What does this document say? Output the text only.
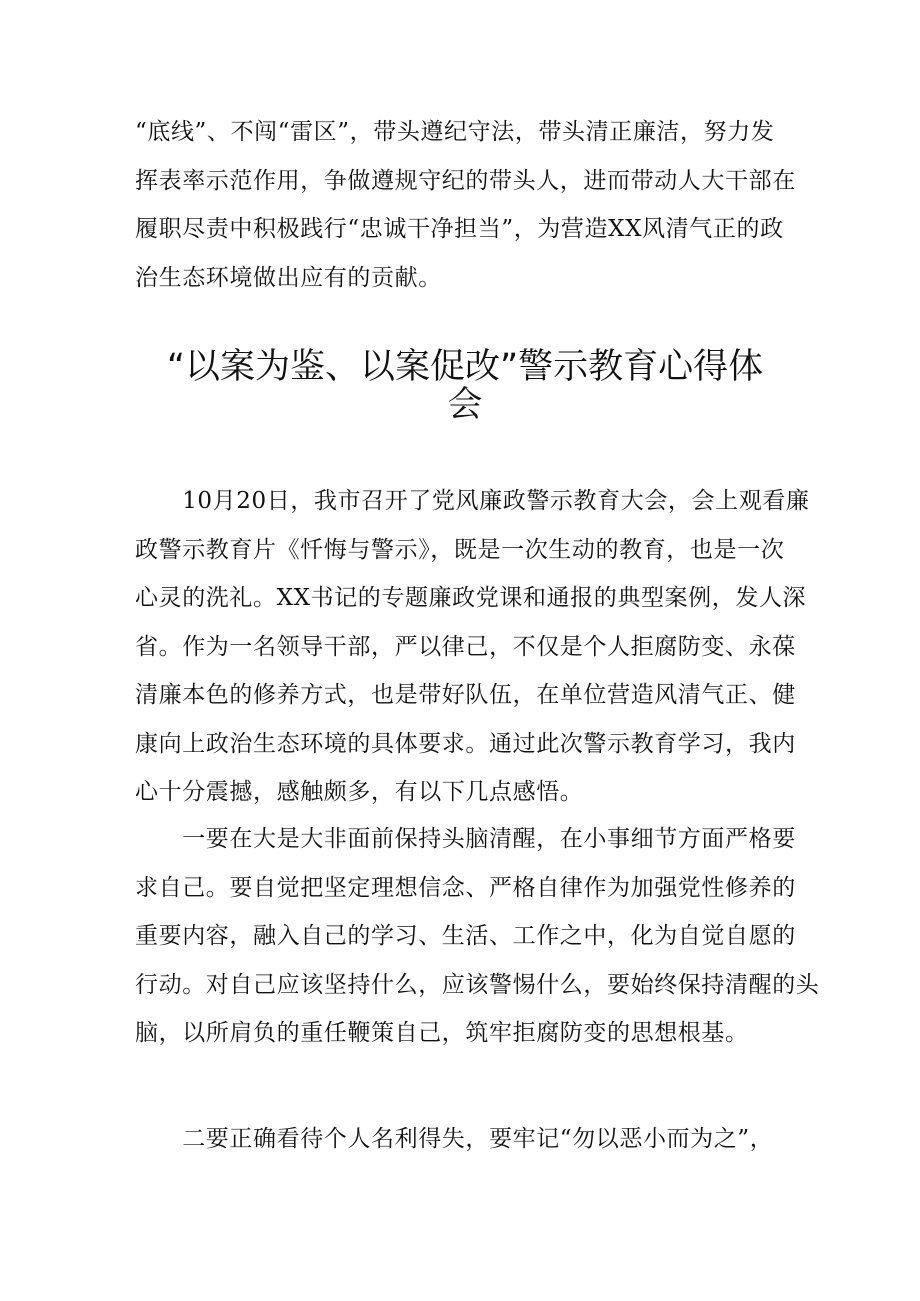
“底线”、不闯“雷区”，带头遵纪守法，带头清正廉洁，努力发
挥表率示范作用，争做遵规守纪的带头人，进而带动人大干部在
履职尽责中积极践行“忠诚干净担当”，为营造XX风清气正的政
治生态环境做出应有的贡献。

“以案为鉴、以案促改”警示教育心得体
会

　　10月20日，我市召开了党风廉政警示教育大会，会上观看廉
政警示教育片《忏悔与警示》，既是一次生动的教育，也是一次
心灵的洗礼。XX书记的专题廉政党课和通报的典型案例，发人深
省。作为一名领导干部，严以律己，不仅是个人拒腐防变、永葆
清廉本色的修养方式，也是带好队伍，在单位营造风清气正、健
康向上政治生态环境的具体要求。通过此次警示教育学习，我内
心十分震撼，感触颇多，有以下几点感悟。

　　一要在大是大非面前保持头脑清醒，在小事细节方面严格要
求自己。要自觉把坚定理想信念、严格自律作为加强党性修养的
重要内容，融入自己的学习、生活、工作之中，化为自觉自愿的
行动。对自己应该坚持什么，应该警惕什么，要始终保持清醒的头
脑，以所肩负的重任鞭策自己，筑牢拒腐防变的思想根基。

　　二要正确看待个人名利得失，要牢记“勿以恶小而为之”，
